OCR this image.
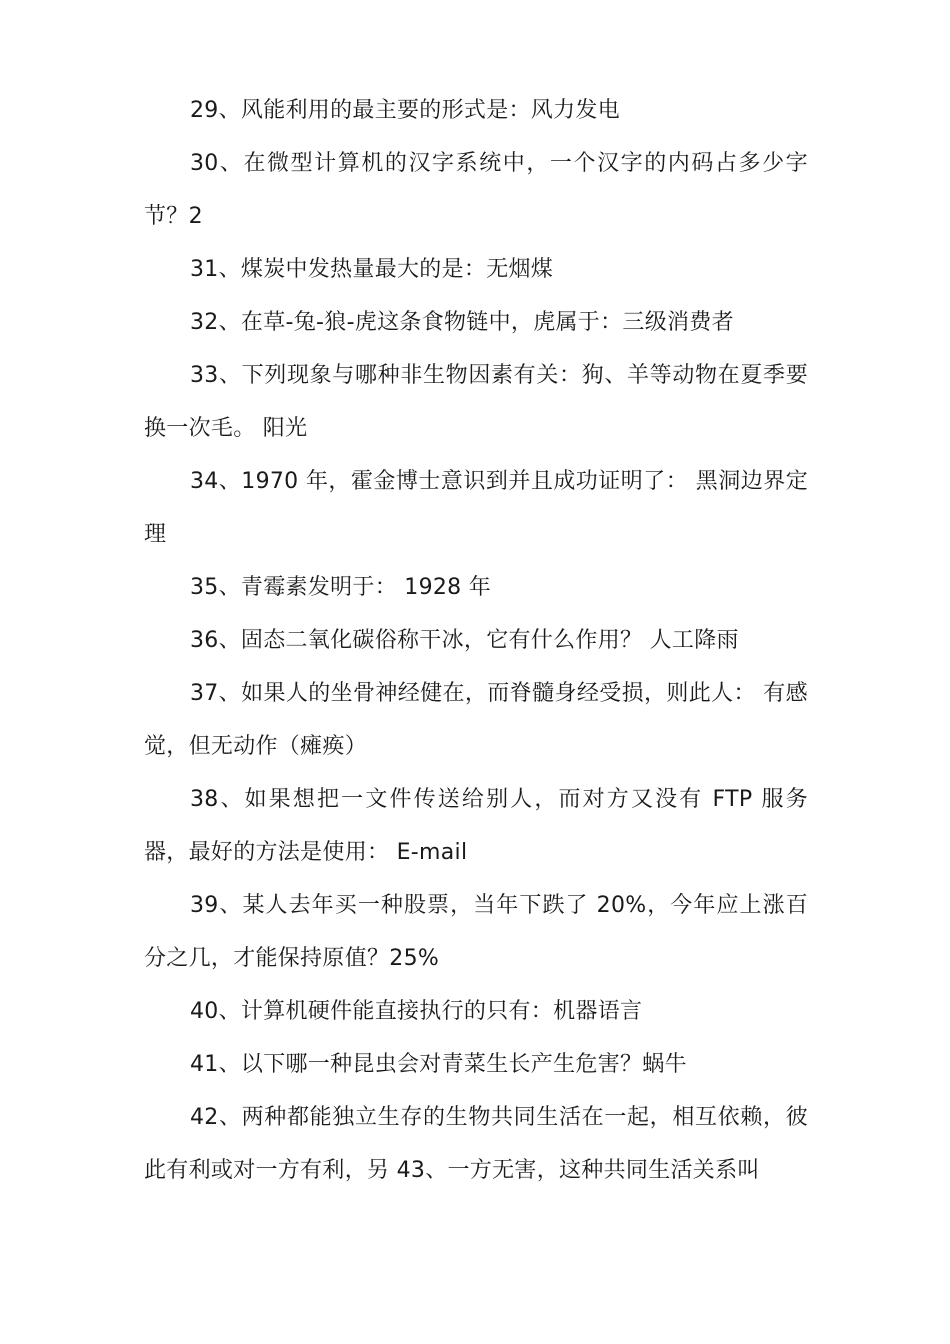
29、风能利用的最主要的形式是：风力发电

30、在微型计算机的汉字系统中，一个汉字的内码占多少字节？2

31、煤炭中发热量最大的是：无烟煤

32、在草-兔-狼-虎这条食物链中，虎属于：三级消费者

33、下列现象与哪种非生物因素有关：狗、羊等动物在夏季要换一次毛。 阳光

34、1970 年，霍金博士意识到并且成功证明了： 黑洞边界定理

35、青霉素发明于： 1928 年

36、固态二氧化碳俗称干冰，它有什么作用？ 人工降雨

37、如果人的坐骨神经健在，而脊髓身经受损，则此人： 有感觉，但无动作（瘫痪）

38、如果想把一文件传送给别人，而对方又没有 FTP 服务器，最好的方法是使用： E-mail

39、某人去年买一种股票，当年下跌了 20%，今年应上涨百分之几，才能保持原值？25%

40、计算机硬件能直接执行的只有：机器语言

41、以下哪一种昆虫会对青菜生长产生危害？蜗牛

42、两种都能独立生存的生物共同生活在一起，相互依赖，彼此有利或对一方有利，另 43、一方无害，这种共同生活关系叫
